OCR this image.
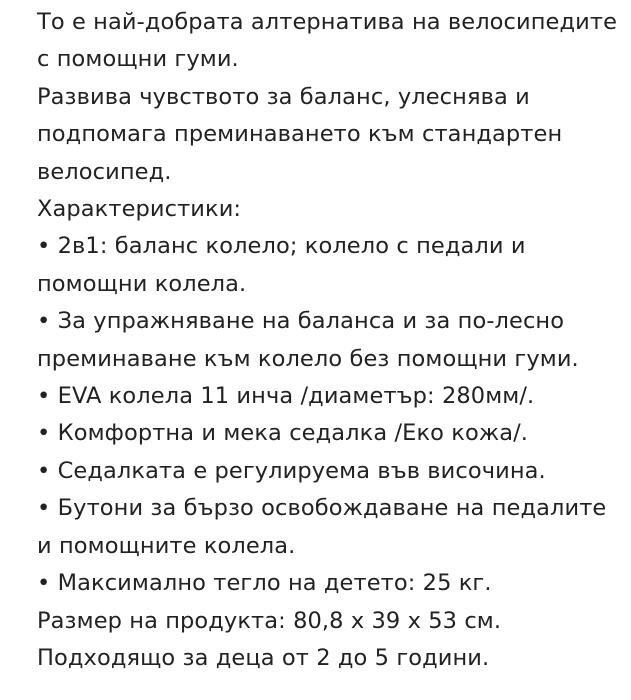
То е най-добрата алтернатива на велосипедите с помощни гуми.

Развива чувството за баланс, улеснява и подпомага преминаването към стандартен велосипед.

Характеристики:

• 2в1: баланс колело; колело с педали и помощни колела.

• За упражняване на баланса и за по-лесно преминаване към колело без помощни гуми.

• EVA колела 11 инча /диаметър: 280мм/.

• Комфортна и мека седалка /Еко кожа/.

• Седалката е регулируема във височина.

• Бутони за бързо освобождаване на педалите и помощните колела.

• Максимално тегло на детето: 25 кг.

Размер на продукта: 80,8 x 39 x 53 см.

Подходящо за деца от 2 до 5 години.
